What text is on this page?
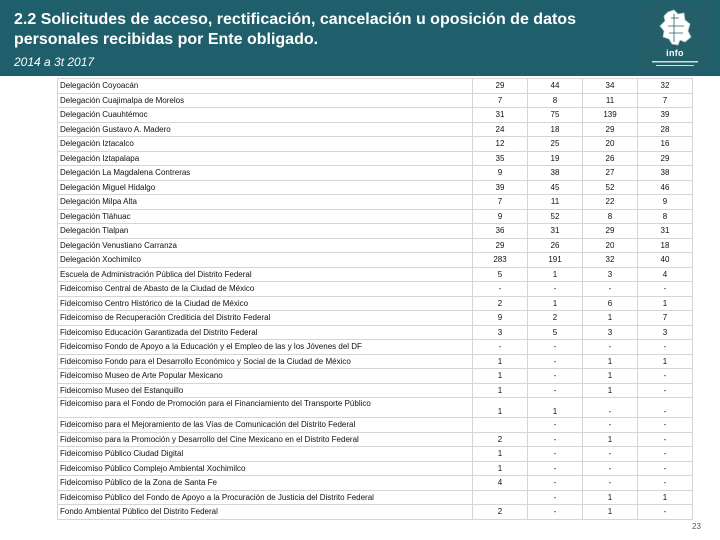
2.2 Solicitudes de acceso, rectificación, cancelación u oposición de datos personales recibidas por Ente obligado.
2014 a 3t 2017
info
Delegación Coyoacán	29	44	34	32
Delegación Cuajimalpa de Morelos	7	8	11	7
Delegación Cuauhtémoc	31	75	139	39
Delegación Gustavo A. Madero	24	18	29	28
Delegación Iztacalco	12	25	20	16
Delegación Iztapalapa	35	19	26	29
Delegación La Magdalena Contreras	9	38	27	38
Delegación Miguel Hidalgo	39	45	52	46
Delegación Milpa Alta	7	11	22	9
Delegación Tláhuac	9	52	8	8
Delegación Tlalpan	36	31	29	31
Delegación Venustiano Carranza	29	26	20	18
Delegación Xochimilco	283	191	32	40
Escuela de Administración Pública del Distrito Federal	5	1	3	4
Fideicomiso Central de Abasto de la Ciudad de México	-	-	-	-
Fideicomiso Centro Histórico de la Ciudad de México	2	1	6	1
Fideicomiso de Recuperación Crediticia del Distrito Federal	9	2	1	7
Fideicomiso Educación Garantizada del Distrito Federal	3	5	3	3
Fideicomiso Fondo de Apoyo a la Educación y el Empleo de las y los Jóvenes del DF	-	-	-	-
Fideicomiso Fondo para el Desarrollo Económico y Social de la Ciudad de México	1	-	1	1
Fideicomiso Museo de Arte Popular Mexicano	1	-	1	-
Fideicomiso Museo del Estanquillo	1	-	1	-
Fideicomiso para el Fondo de Promoción para el Financiamiento del Transporte Público	1	1	-	-
Fideicomiso para el Mejoramiento de las Vías de Comunicación del Distrito Federal		-	-	-
Fideicomiso para la Promoción y Desarrollo del Cine Mexicano en el Distrito Federal	2	-	1	-
Fideicomiso Público Ciudad Digital	1	-	-	-
Fideicomiso Público Complejo Ambiental Xochimilco	1	-	-	-
Fideicomiso Público de la Zona de Santa Fe	4	-	-	-
Fideicomiso Público del Fondo de Apoyo a la Procuración de Justicia del Distrito Federal		-	1	1
Fondo Ambiental Público del Distrito Federal	2	-	1	-
23
